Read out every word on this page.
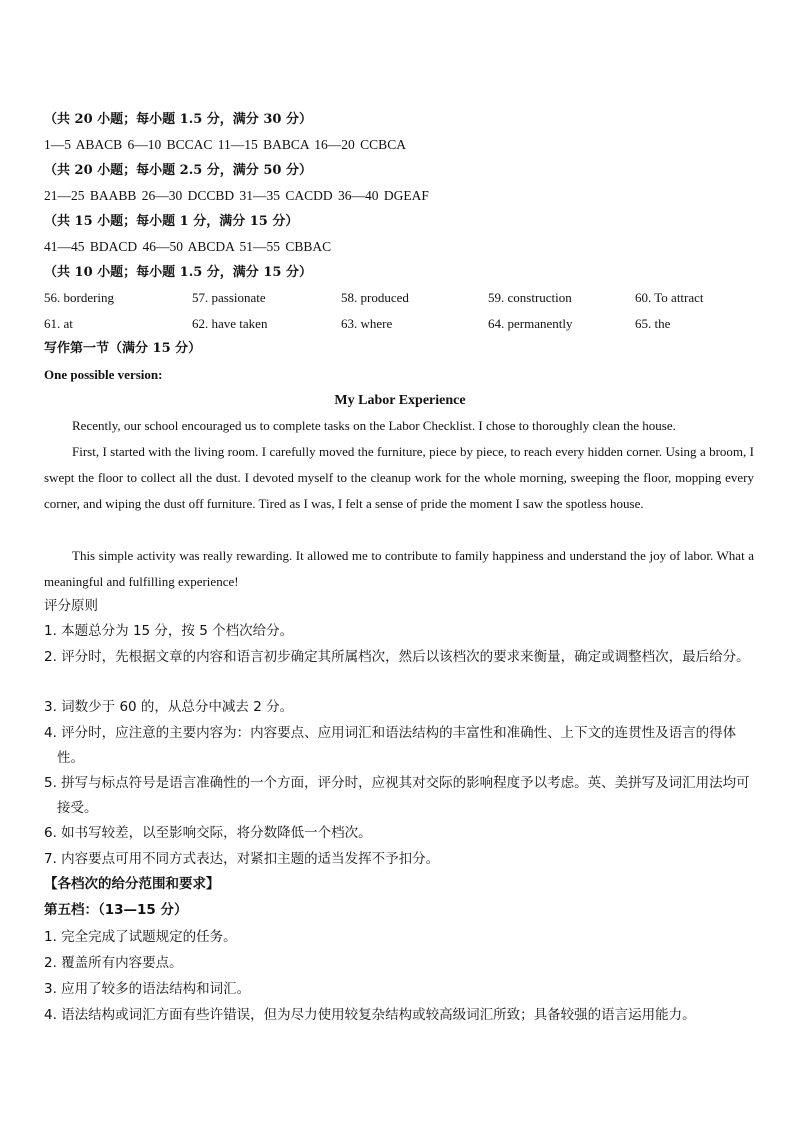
（共 20 小题；每小题 1.5 分，满分 30 分）
1—5 ABACB 6—10 BCCAC 11—15 BABCA 16—20 CCBCA
（共 20 小题；每小题 2.5 分，满分 50 分）
21—25 BAABB 26—30 DCCBD 31—35 CACDD 36—40 DGEAF
（共 15 小题；每小题 1 分，满分 15 分）
41—45 BDACD 46—50 ABCDA 51—55 CBBAC
（共 10 小题；每小题 1.5 分，满分 15 分）
56. bordering	57. passionate	58. produced	59. construction	60. To attract
61. at	62. have taken	63. where	64. permanently	65. the
写作第一节（满分 15 分）
One possible version:
My Labor Experience
Recently, our school encouraged us to complete tasks on the Labor Checklist. I chose to thoroughly clean the house.
First, I started with the living room. I carefully moved the furniture, piece by piece, to reach every hidden corner. Using a broom, I swept the floor to collect all the dust. I devoted myself to the cleanup work for the whole morning, sweeping the floor, mopping every corner, and wiping the dust off furniture. Tired as I was, I felt a sense of pride the moment I saw the spotless house.
This simple activity was really rewarding. It allowed me to contribute to family happiness and understand the joy of labor. What a meaningful and fulfilling experience!
评分原则
1. 本题总分为 15 分，按 5 个档次给分。
2. 评分时，先根据文章的内容和语言初步确定其所属档次，然后以该档次的要求来衡量，确定或调整档次，最后给分。
3. 词数少于 60 的，从总分中减去 2 分。
4. 评分时，应注意的主要内容为：内容要点、应用词汇和语法结构的丰富性和准确性、上下文的连贯性及语言的得体性。
5. 拼写与标点符号是语言准确性的一个方面，评分时，应视其对交际的影响程度予以考虑。英、美拼写及词汇用法均可接受。
6. 如书写较差，以至影响交际，将分数降低一个档次。
7. 内容要点可用不同方式表达，对紧扣主题的适当发挥不予扣分。
【各档次的给分范围和要求】
第五档：（13—15 分）
1. 完全完成了试题规定的任务。
2. 覆盖所有内容要点。
3. 应用了较多的语法结构和词汇。
4. 语法结构或词汇方面有些许错误，但为尽力使用较复杂结构或较高级词汇所致；具备较强的语言运用能力。
